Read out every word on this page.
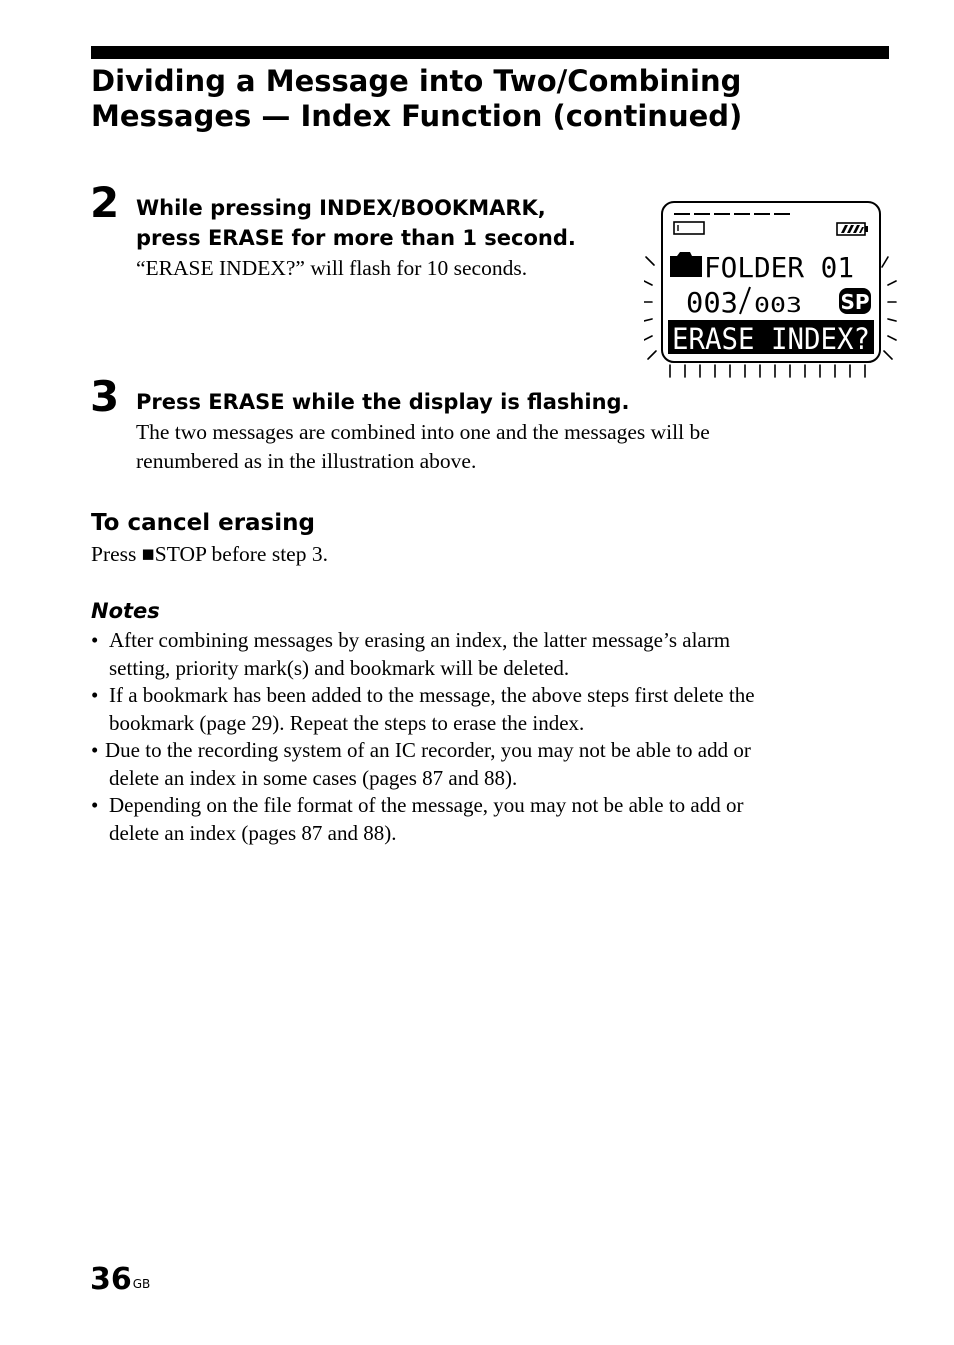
Dividing a Message into Two/Combining
Messages — Index Function (continued)
2 While pressing INDEX/BOOKMARK,
press ERASE for more than 1 second.

“ERASE INDEX?” will flash for 10 seconds.	FOLDER 01
003 003 SP
ERASE INDEX?
3 Press ERASE while the display is flashing.

The two messages are combined into one and the messages will be
renumbered as in the illustration above.

To cancel erasing

Press ■STOP before step 3.

Notes
• After combining messages by erasing an index, the latter message’s alarm
setting, priority mark(s) and bookmark will be deleted.
• If a bookmark has been added to the message, the above steps first delete the
bookmark (page 29). Repeat the steps to erase the index.
• Due to the recording system of an IC recorder, you may not be able to add or
delete an index in some cases (pages 87 and 88).
• Depending on the file format of the message, you may not be able to add or
delete an index (pages 87 and 88).
$36^{GB}$
